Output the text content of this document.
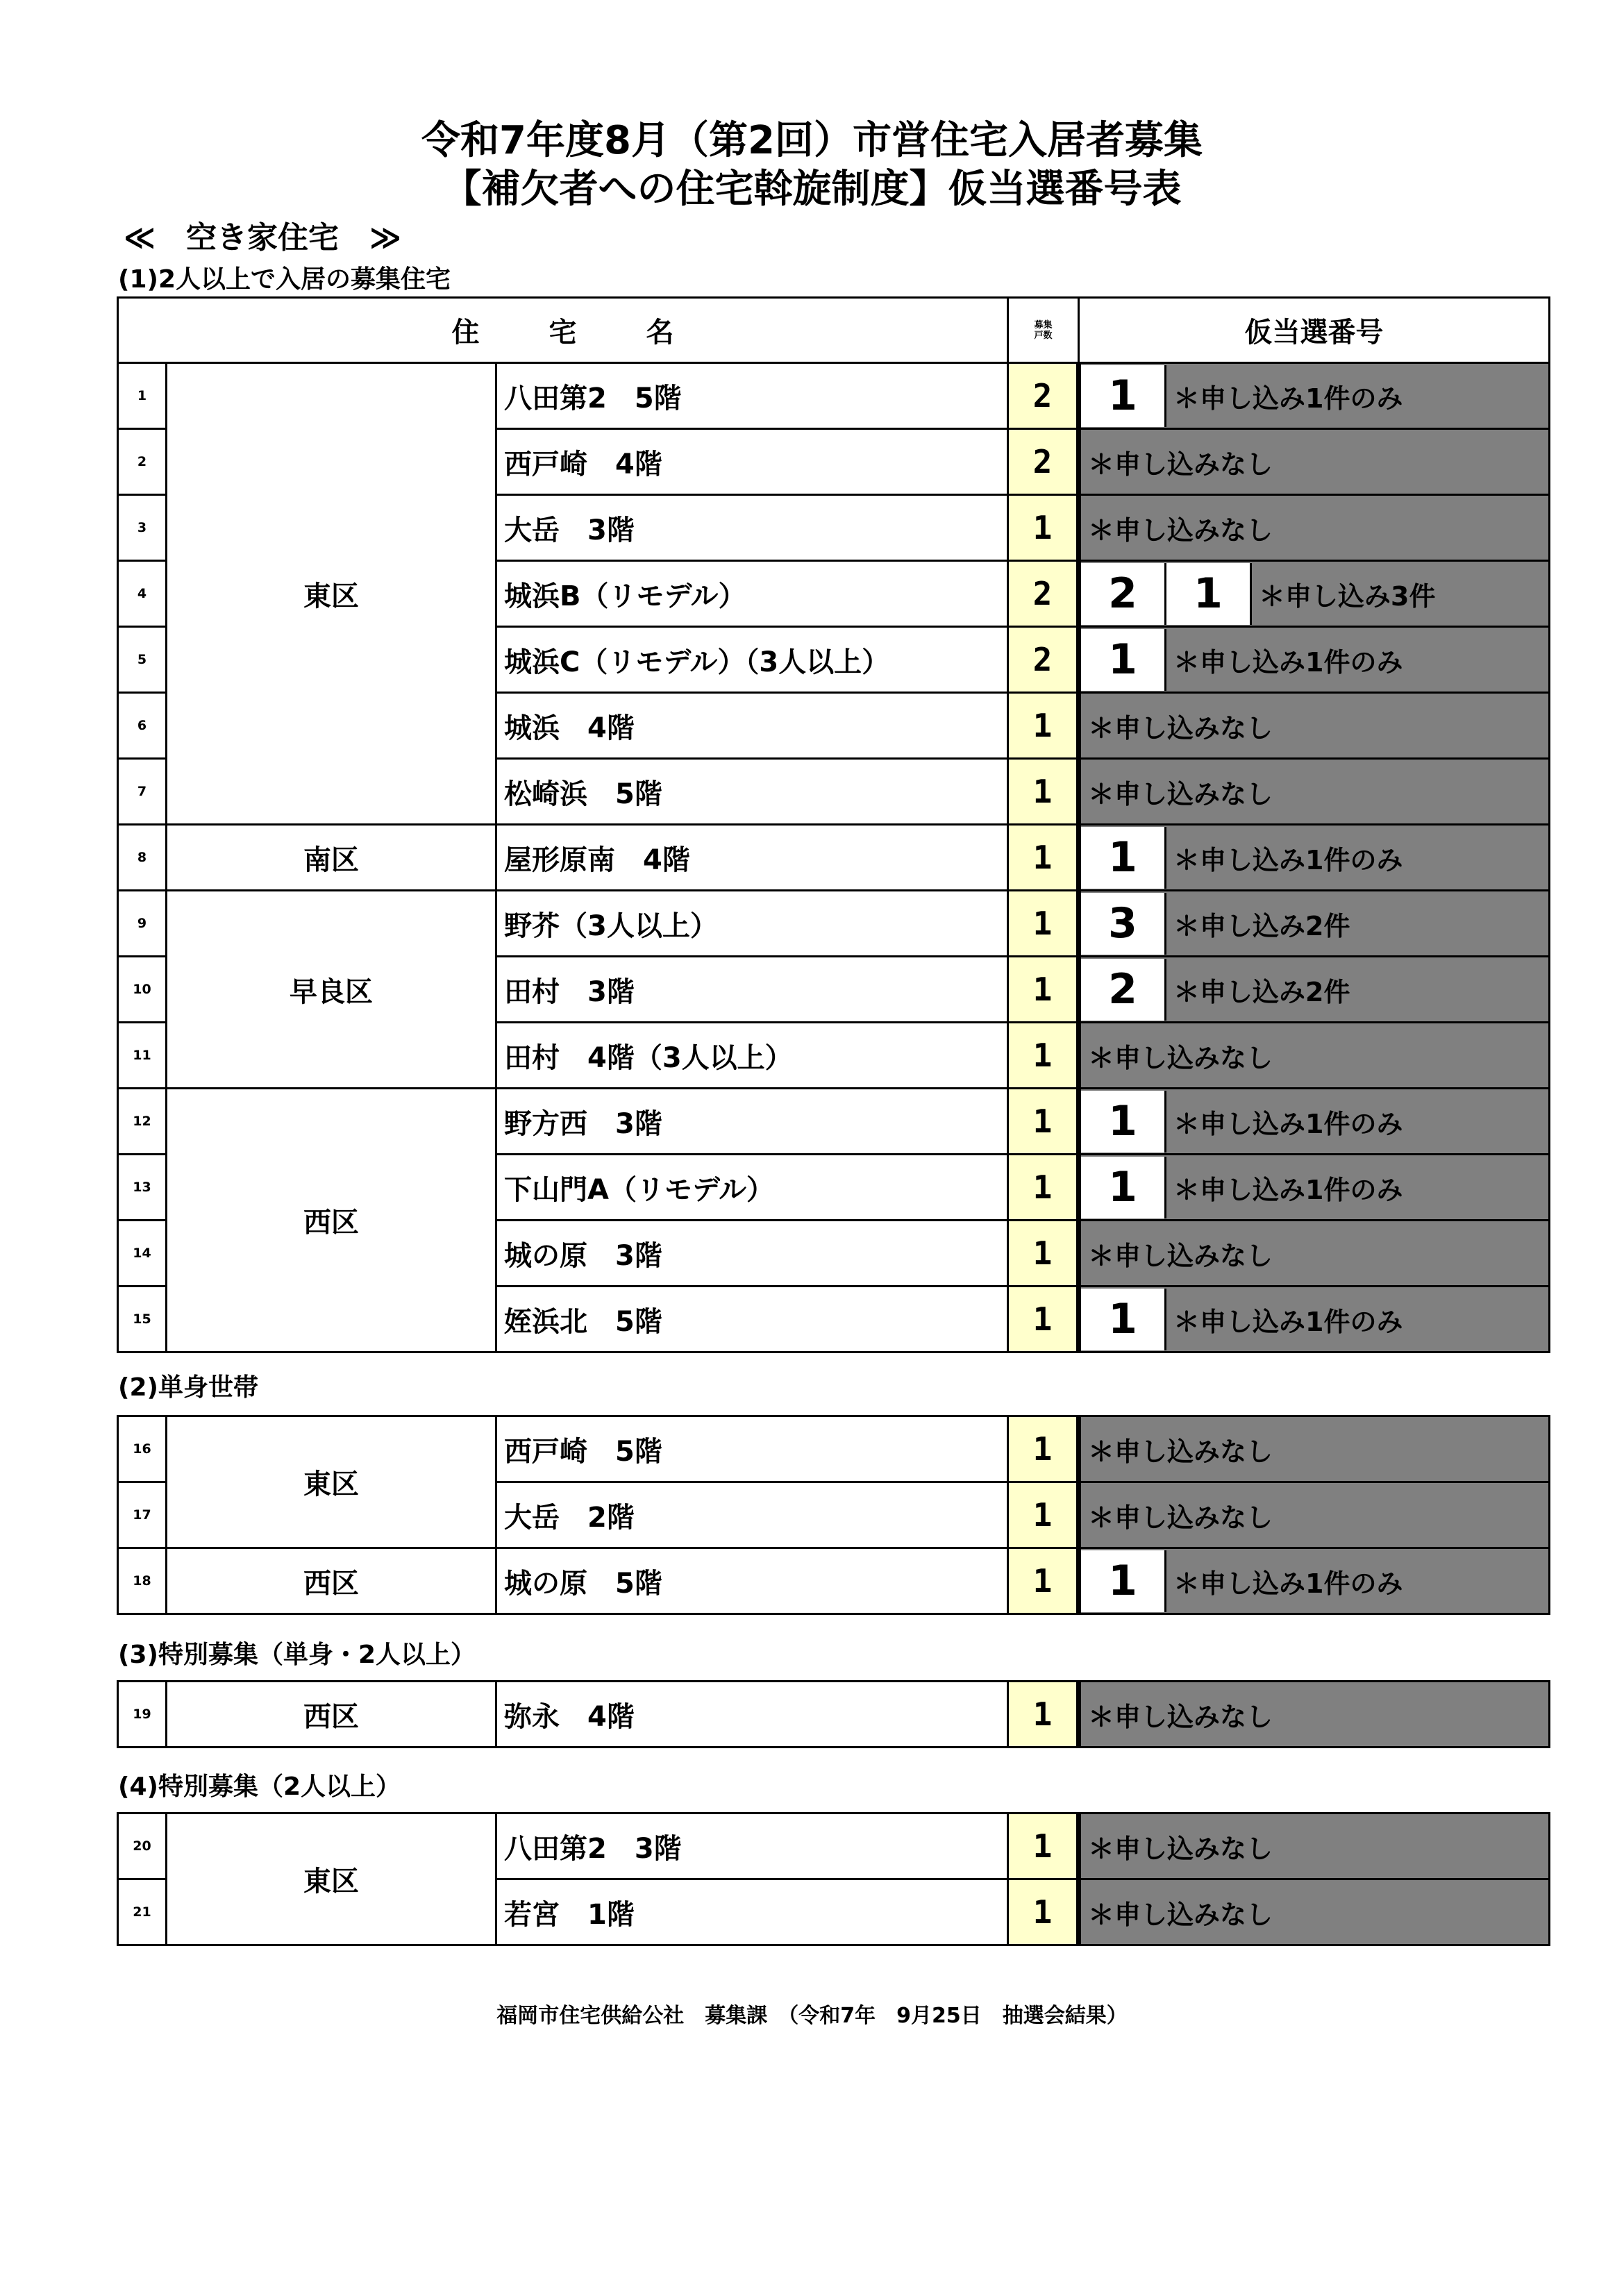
令和7年度8月（第2回）市営住宅入居者募集
【補欠者への住宅斡旋制度】仮当選番号表
≪　空き家住宅　≫
(1)2人以上で入居の募集住宅
住宅名			募集
戸数	仮当選番号
1	東区	八田第2　5階	2	1 ＊申し込み1件のみ

2		西戸崎　4階	2	＊申し込みなし

3		大岳　3階	1	＊申し込みなし

4		城浜B（リモデル）	2	2 1 ＊申し込み3件

5		城浜C（リモデル）（3人以上）	2	1 ＊申し込み1件のみ

6		城浜　4階	1	＊申し込みなし

7		松崎浜　5階	1	＊申し込みなし

8	南区	屋形原南　4階	1	1 ＊申し込み1件のみ

9	早良区	野芥（3人以上）	1	3 ＊申し込み2件

10		田村　3階	1	2 ＊申し込み2件

11		田村　4階（3人以上）	1	＊申し込みなし

12	西区	野方西　3階	1	1 ＊申し込み1件のみ

13		下山門A（リモデル）	1	1 ＊申し込み1件のみ

14		城の原　3階	1	＊申し込みなし

15		姪浜北　5階	1	1 ＊申し込み1件のみ
(2)単身世帯
16	東区	西戸崎　5階	1	＊申し込みなし

17		大岳　2階	1	＊申し込みなし

18	西区	城の原　5階	1	1 ＊申し込み1件のみ
(3)特別募集（単身・2人以上）
19	西区	弥永　4階	1	＊申し込みなし
(4)特別募集（2人以上）
20	東区	八田第2　3階	1	＊申し込みなし

21		若宮　1階	1	＊申し込みなし
福岡市住宅供給公社　募集課　（令和7年　9月25日　抽選会結果）
